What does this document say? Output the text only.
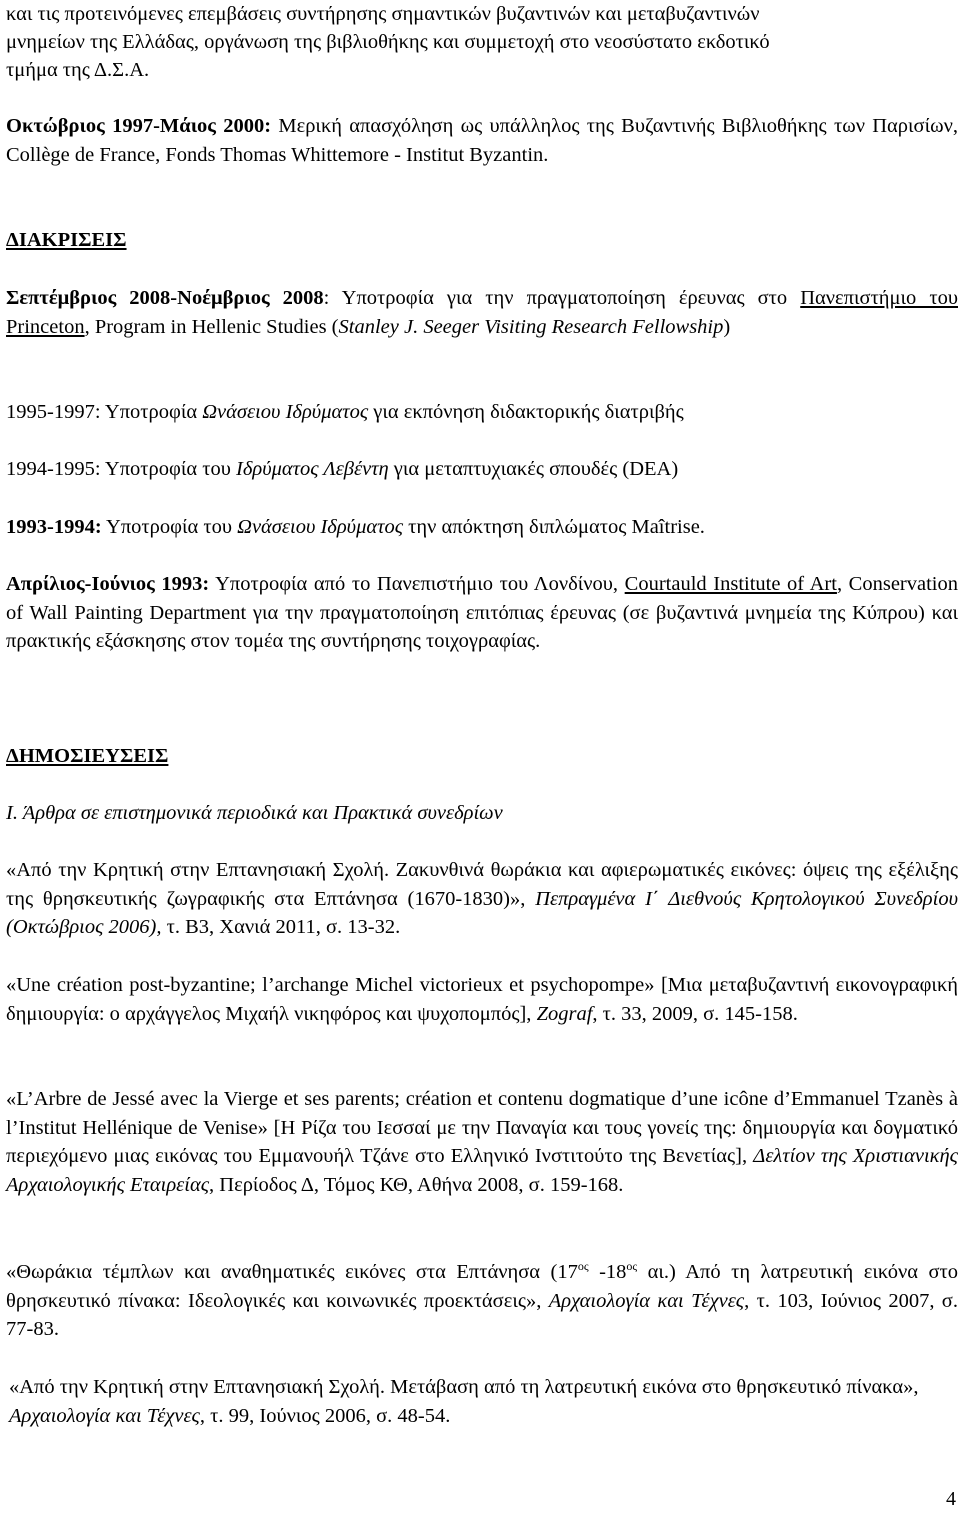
και τις προτεινόμενες επεμβάσεις συντήρησης σημαντικών βυζαντινών και μεταβυζαντινών
μνημείων της Ελλάδας, οργάνωση της βιβλιοθήκης και συμμετοχή στο νεοσύστατο εκδοτικό
τμήμα της Δ.Σ.Α.

Οκτώβριος 1997-Μάιος 2000: Μερική απασχόληση ως υπάλληλος της Βυζαντινής Βιβλιοθήκης των Παρισίων, Collège de France, Fonds Thomas Whittemore - Institut Byzantin.

ΔΙΑΚΡΙΣΕΙΣ

Σεπτέμβριος 2008-Νοέμβριος 2008: Υποτροφία για την πραγματοποίηση έρευνας στο Πανεπιστήμιο του Princeton, Program in Hellenic Studies (Stanley J. Seeger Visiting Research Fellowship)

1995-1997: Υποτροφία Ωνάσειου Ιδρύματος για εκπόνηση διδακτορικής διατριβής

1994-1995: Υποτροφία του Ιδρύματος Λεβέντη για μεταπτυχιακές σπουδές (DEA)

1993-1994: Υποτροφία του Ωνάσειου Ιδρύματος την απόκτηση διπλώματος Maîtrise.

Απρίλιος-Ιούνιος 1993: Υποτροφία από το Πανεπιστήμιο του Λονδίνου, Courtauld Institute of Art, Conservation of Wall Painting Department για την πραγματοποίηση επιτόπιας έρευνας (σε βυζαντινά μνημεία της Κύπρου) και πρακτικής εξάσκησης στον τομέα της συντήρησης τοιχογραφίας.

ΔΗΜΟΣΙΕΥΣΕΙΣ
Ι. Άρθρα σε επιστημονικά περιοδικά και Πρακτικά συνεδρίων

«Από την Κρητική στην Επτανησιακή Σχολή. Ζακυνθινά θωράκια και αφιερωματικές εικόνες: όψεις της εξέλιξης της θρησκευτικής ζωγραφικής στα Επτάνησα (1670-1830)», Πεπραγμένα Ι΄ Διεθνούς Κρητολογικού Συνεδρίου (Οκτώβριος 2006), τ. Β3, Χανιά 2011, σ. 13-32.

«Une création post-byzantine; l’archange Michel victorieux et psychopompe» [Μια μεταβυζαντινή εικονογραφική δημιουργία: ο αρχάγγελος Μιχαήλ νικηφόρος και ψυχοπομπός], Zograf, τ. 33, 2009, σ. 145-158.

«L’Arbre de Jessé avec la Vierge et ses parents; création et contenu dogmatique d’une icône d’Emmanuel Tzanès à l’Institut Hellénique de Venise» [Η Ρίζα του Ιεσσαί με την Παναγία και τους γονείς της: δημιουργία και δογματικό περιεχόμενο μιας εικόνας του Εμμανουήλ Τζάνε στο Ελληνικό Ινστιτούτο της Βενετίας], Δελτίον της Χριστιανικής Αρχαιολογικής Εταιρείας, Περίοδος Δ, Τόμος ΚΘ, Αθήνα 2008, σ. 159-168.

«Θωράκια τέμπλων και αναθηματικές εικόνες στα Επτάνησα ($17^{o\varsigma}$ $-18^{o\varsigma}$ αι.) Από τη λατρευτική εικόνα στο θρησκευτικό πίνακα: Ιδεολογικές και κοινωνικές προεκτάσεις», Αρχαιολογία και Τέχνες, τ. 103, Ιούνιος 2007, σ. 77-83.

«Από την Κρητική στην Επτανησιακή Σχολή. Μετάβαση από τη λατρευτική εικόνα στο θρησκευτικό πίνακα», Αρχαιολογία και Τέχνες, τ. 99, Ιούνιος 2006, σ. 48-54.

4
